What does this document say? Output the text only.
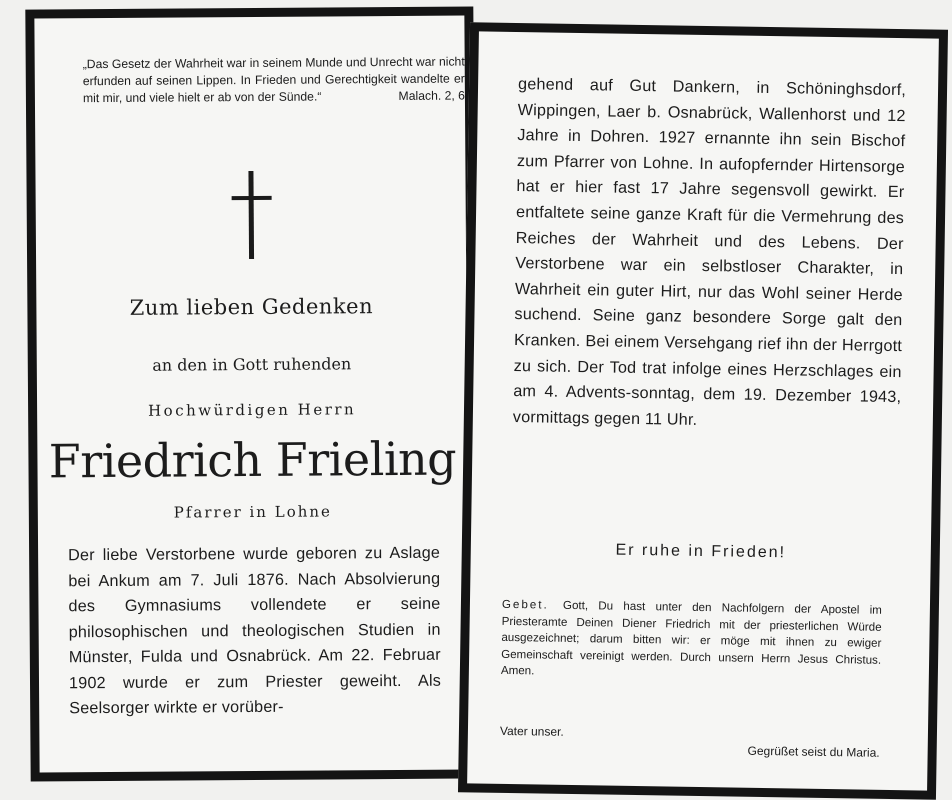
„Das Gesetz der Wahrheit war in seinem Munde und Unrecht war nicht erfunden auf seinen Lippen. In Frieden und Gerechtigkeit wandelte er mit mir, und viele hielt er ab von der Sünde.“	Malach. 2, 6
Zum lieben Gedenken
an den in Gott ruhenden
Hochwürdigen Herrn
Friedrich Frieling
Pfarrer in Lohne
Der liebe Verstorbene wurde geboren zu Aslage bei Ankum am 7. Juli 1876. Nach Absolvierung des Gymnasiums vollendete er seine philosophischen und theologischen Studien in Münster, Fulda und Osnabrück. Am 22. Februar 1902 wurde er zum Priester geweiht. Als Seelsorger wirkte er vorüber-
gehend auf Gut Dankern, in Schöninghsdorf, Wippingen, Laer b. Osnabrück, Wallenhorst und 12 Jahre in Dohren. 1927 ernannte ihn sein Bischof zum Pfarrer von Lohne. In aufopfernder Hirtensorge hat er hier fast 17 Jahre segensvoll gewirkt. Er entfaltete seine ganze Kraft für die Vermehrung des Reiches der Wahrheit und des Lebens. Der Verstorbene war ein selbstloser Charakter, in Wahrheit ein guter Hirt, nur das Wohl seiner Herde suchend. Seine ganz besondere Sorge galt den Kranken. Bei einem Versehgang rief ihn der Herrgott zu sich. Der Tod trat infolge eines Herzschlages ein am 4. Advents-sonntag, dem 19. Dezember 1943, vormittags gegen 11 Uhr.
Er ruhe in Frieden!
Gebet. Gott, Du hast unter den Nachfolgern der Apostel im Priesteramte Deinen Diener Friedrich mit der priesterlichen Würde ausgezeichnet; darum bitten wir: er möge mit ihnen zu ewiger Gemeinschaft vereinigt werden. Durch unsern Herrn Jesus Christus. Amen.
Vater unser.
Gegrüßet seist du Maria.
